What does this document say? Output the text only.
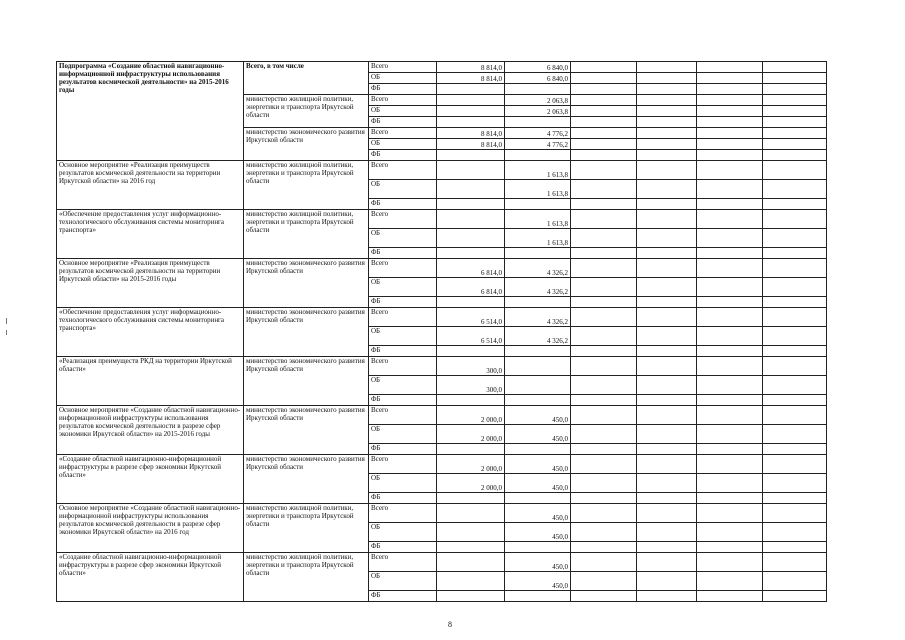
Подпрограмма «Создание областной навигационно-информационной инфраструктуры использования результатов космической деятельности» на 2015-2016 годы	Всего, в том числе	Всего	8 814,0	6 840,0				
		ОБ	8 814,0	6 840,0				
		ФБ						
	министерство жилищной политики, энергетики и транспорта Иркутской области	Всего		2 063,8				
		ОБ		2 063,8				
		ФБ						
	министерство экономического развития Иркутской области	Всего	8 814,0	4 776,2				
		ОБ	8 814,0	4 776,2				
		ФБ						
Основное мероприятие «Реализация преимуществ результатов космической деятельности на территории Иркутской области» на 2016 год	министерство жилищной политики, энергетики и транспорта Иркутской области	Всего		1 613,8				
		ОБ		1 613,8				
		ФБ						
«Обеспечение предоставления услуг информационно-технологического обслуживания системы мониторинга транспорта»	министерство жилищной политики, энергетики и транспорта Иркутской области	Всего		1 613,8				
		ОБ		1 613,8				
		ФБ						
Основное мероприятие «Реализация преимуществ результатов космической деятельности на территории Иркутской области» на 2015-2016 годы	министерство экономического развития Иркутской области	Всего	6 814,0	4 326,2				
		ОБ	6 814,0	4 326,2				
		ФБ						
«Обеспечение предоставления услуг информационно-технологического обслуживания системы мониторинга транспорта»	министерство экономического развития Иркутской области	Всего	6 514,0	4 326,2				
		ОБ	6 514,0	4 326,2				
		ФБ						
«Реализация преимуществ РКД на территории Иркутской области»	министерство экономического развития Иркутской области	Всего	300,0					
		ОБ	300,0					
		ФБ						
Основное мероприятие «Создание областной навигационно-информационной инфраструктуры использования результатов космической деятельности в разрезе сфер экономики Иркутской области» на 2015-2016 годы	министерство экономического развития Иркутской области	Всего	2 000,0	450,0				
		ОБ	2 000,0	450,0				
		ФБ						
«Создание областной навигационно-информационной инфраструктуры в разрезе сфер экономики Иркутской области»	министерство экономического развития Иркутской области	Всего	2 000,0	450,0				
		ОБ	2 000,0	450,0				
		ФБ						
Основное мероприятие «Создание областной навигационно-информационной инфраструктуры использования результатов космической деятельности в разрезе сфер экономики Иркутской области» на 2016 год	министерство жилищной политики, энергетики и транспорта Иркутской области	Всего		450,0				
		ОБ		450,0				
		ФБ						
«Создание областной навигационно-информационной инфраструктуры в разрезе сфер экономики Иркутской области»	министерство жилищной политики, энергетики и транспорта Иркутской области	Всего		450,0				
		ОБ		450,0				
		ФБ						
8
